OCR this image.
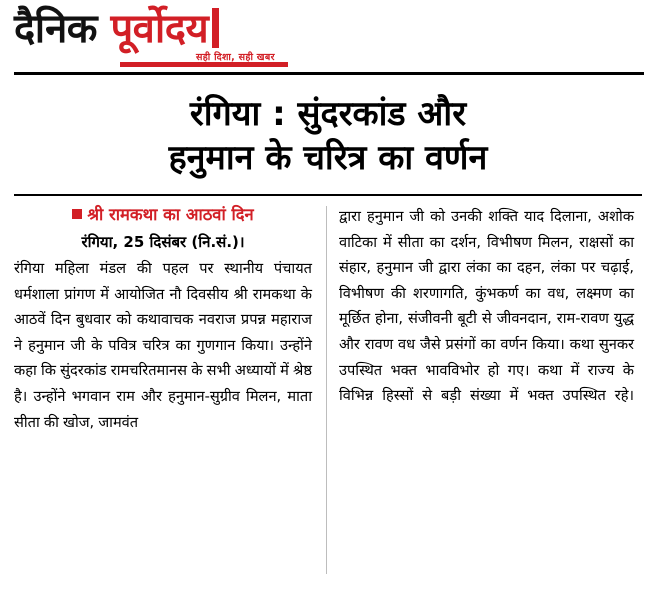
दैनिक पूर्वोदय
सही दिशा, सही खबर
रंगिया : सुंदरकांड और
हनुमान के चरित्र का वर्णन
श्री रामकथा का आठवां दिन
रंगिया, 25 दिसंबर (नि.सं.)।

रंगिया महिला मंडल की पहल पर स्थानीय पंचायत धर्मशाला प्रांगण में आयोजित नौ दिवसीय श्री रामकथा के आठवें दिन बुधवार को कथावाचक नवराज प्रपन्न महाराज ने हनुमान जी के पवित्र चरित्र का गुणगान किया। उन्होंने कहा कि सुंदरकांड रामचरितमानस के सभी अध्यायों में श्रेष्ठ है। उन्होंने भगवान राम और हनुमान-सुग्रीव मिलन, माता सीता की खोज, जामवंत

द्वारा हनुमान जी को उनकी शक्ति याद दिलाना, अशोक वाटिका में सीता का दर्शन, विभीषण मिलन, राक्षसों का संहार, हनुमान जी द्वारा लंका का दहन, लंका पर चढ़ाई, विभीषण की शरणागति, कुंभकर्ण का वध, लक्ष्मण का मूर्छित होना, संजीवनी बूटी से जीवनदान, राम-रावण युद्ध और रावण वध जैसे प्रसंगों का वर्णन किया। कथा सुनकर उपस्थित भक्त भावविभोर हो गए। कथा में राज्य के विभिन्न हिस्सों से बड़ी संख्या में भक्त उपस्थित रहे।
